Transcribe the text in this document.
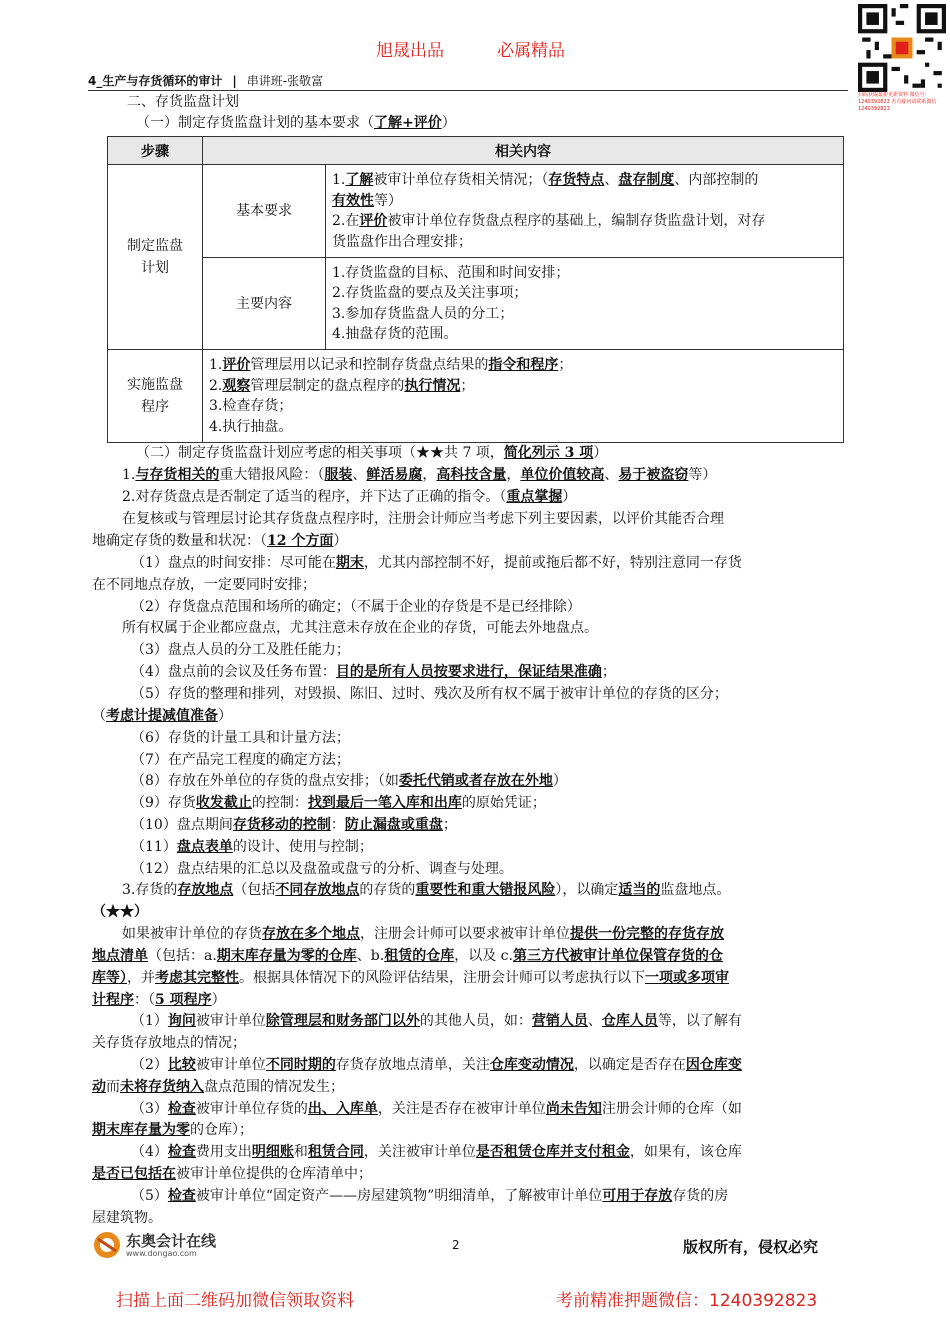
旭晟出品	必属精品
扫码获取最新更新资料 微信号：1240392823 若有疑问请联系微信1240392823
4_生产与存货循环的审计 | 串讲班-张敬富
二、存货监盘计划
（一）制定存货监盘计划的基本要求（了解+评价）
步骤	相关内容	

制定监盘计划	基本要求	1.了解被审计单位存货相关情况；（存货特点、盘存制度、内部控制的
有效性等）
2.在评价被审计单位存货盘点程序的基础上，编制存货监盘计划，对存
货监盘作出合理安排；

	主要内容	1.存货监盘的目标、范围和时间安排；
2.存货监盘的要点及关注事项；
3.参加存货监盘人员的分工；
4.抽盘存货的范围。

实施监盘程序	1.评价管理层用以记录和控制存货盘点结果的指令和程序；
2.观察管理层制定的盘点程序的执行情况；
3.检查存货；
4.执行抽盘。	
（二）制定存货监盘计划应考虑的相关事项（★★共 7 项，简化列示 3 项）
1.与存货相关的重大错报风险：（服装、鲜活易腐，高科技含量，单位价值较高、易于被盗窃等）
2.对存货盘点是否制定了适当的程序，并下达了正确的指令。（重点掌握）
在复核或与管理层讨论其存货盘点程序时，注册会计师应当考虑下列主要因素，以评价其能否合理
地确定存货的数量和状况：（12 个方面）
（1）盘点的时间安排：尽可能在期末，尤其内部控制不好，提前或拖后都不好，特别注意同一存货
在不同地点存放，一定要同时安排；
（2）存货盘点范围和场所的确定；（不属于企业的存货是不是已经排除）
所有权属于企业都应盘点，尤其注意未存放在企业的存货，可能去外地盘点。
（3）盘点人员的分工及胜任能力；
（4）盘点前的会议及任务布置：目的是所有人员按要求进行，保证结果准确；
（5）存货的整理和排列，对毁损、陈旧、过时、残次及所有权不属于被审计单位的存货的区分；
（考虑计提减值准备）
（6）存货的计量工具和计量方法；
（7）在产品完工程度的确定方法；
（8）存放在外单位的存货的盘点安排；（如委托代销或者存放在外地）
（9）存货收发截止的控制：找到最后一笔入库和出库的原始凭证；
（10）盘点期间存货移动的控制：防止漏盘或重盘；
（11）盘点表单的设计、使用与控制；
（12）盘点结果的汇总以及盘盈或盘亏的分析、调查与处理。
3.存货的存放地点（包括不同存放地点的存货的重要性和重大错报风险），以确定适当的监盘地点。
（★★）
如果被审计单位的存货存放在多个地点，注册会计师可以要求被审计单位提供一份完整的存货存放
地点清单（包括：a.期末库存量为零的仓库、b.租赁的仓库，以及 c.第三方代被审计单位保管存货的仓
库等），并考虑其完整性。根据具体情况下的风险评估结果，注册会计师可以考虑执行以下一项或多项审
计程序：（5 项程序）
（1）询问被审计单位除管理层和财务部门以外的其他人员，如：营销人员、仓库人员等，以了解有
关存货存放地点的情况；
（2）比较被审计单位不同时期的存货存放地点清单，关注仓库变动情况，以确定是否存在因仓库变
动而未将存货纳入盘点范围的情况发生；
（3）检查被审计单位存货的出、入库单，关注是否存在被审计单位尚未告知注册会计师的仓库（如
期末库存量为零的仓库）；
（4）检查费用支出明细账和租赁合同，关注被审计单位是否租赁仓库并支付租金，如果有，该仓库
是否已包括在被审计单位提供的仓库清单中；
（5）检查被审计单位“固定资产——房屋建筑物”明细清单，了解被审计单位可用于存放存货的房
屋建筑物。
东奥会计在线
www.dongao.com
2	版权所有，侵权必究
扫描上面二维码加微信领取资料	考前精准押题微信：1240392823
